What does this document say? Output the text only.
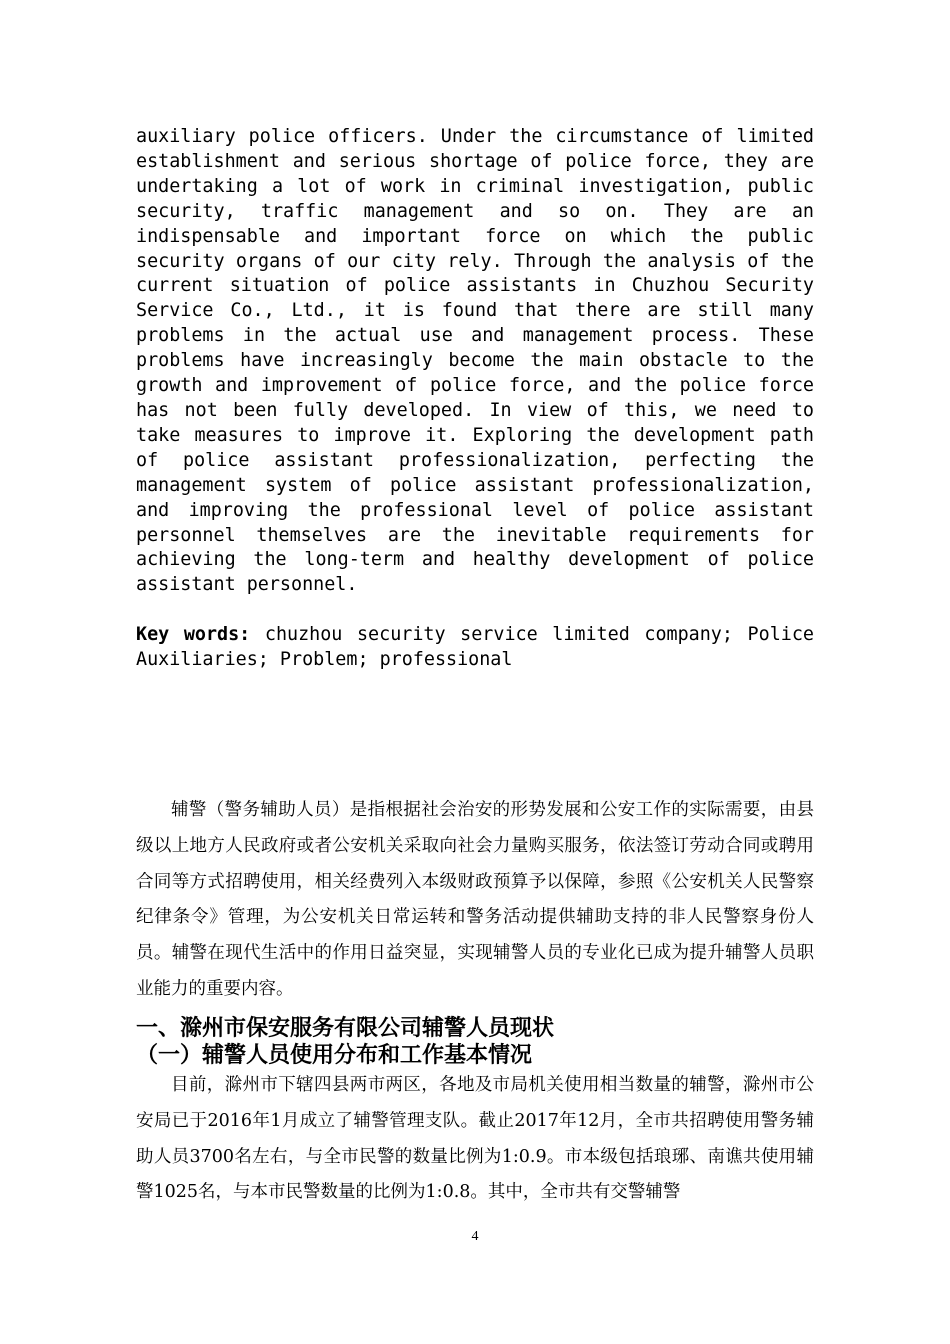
auxiliary police officers. Under the circumstance of limited establishment and serious shortage of police force, they are undertaking a lot of work in criminal investigation, public security, traffic management and so on. They are an indispensable and important force on which the public security organs of our city rely. Through the analysis of the current situation of police assistants in Chuzhou Security Service Co., Ltd., it is found that there are still many problems in the actual use and management process. These problems have increasingly become the main obstacle to the growth and improvement of police force, and the police force has not been fully developed. In view of this, we need to take measures to improve it. Exploring the development path of police assistant professionalization, perfecting the management system of police assistant professionalization, and improving the professional level of police assistant personnel themselves are the inevitable requirements for achieving the long-term and healthy development of police assistant personnel.

Key words: chuzhou security service limited company; Police Auxiliaries; Problem; professional

辅警（警务辅助人员）是指根据社会治安的形势发展和公安工作的实际需要，由县级以上地方人民政府或者公安机关采取向社会力量购买服务，依法签订劳动合同或聘用合同等方式招聘使用，相关经费列入本级财政预算予以保障，参照《公安机关人民警察纪律条令》管理，为公安机关日常运转和警务活动提供辅助支持的非人民警察身份人员。辅警在现代生活中的作用日益突显，实现辅警人员的专业化已成为提升辅警人员职业能力的重要内容。

一、滁州市保安服务有限公司辅警人员现状
（一）辅警人员使用分布和工作基本情况

目前，滁州市下辖四县两市两区，各地及市局机关使用相当数量的辅警，滁州市公安局已于2016年1月成立了辅警管理支队。截止2017年12月，全市共招聘使用警务辅助人员3700名左右，与全市民警的数量比例为1:0.9。市本级包括琅琊、南谯共使用辅警1025名，与本市民警数量的比例为1:0.8。其中，全市共有交警辅警

4
